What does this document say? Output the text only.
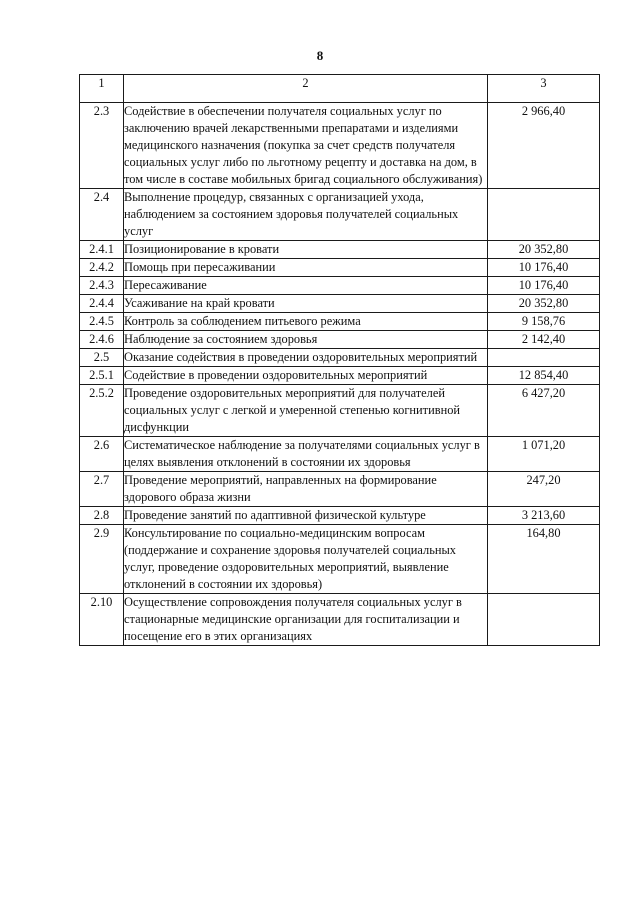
8
1	2	3
2.3	Содействие в обеспечении получателя социальных услуг по заключению врачей лекарственными препаратами и изделиями медицинского назначения (покупка за счет средств получателя социальных услуг либо по льготному рецепту и доставка на дом, в том числе в составе мобильных бригад социального обслуживания)	2 966,40
2.4	Выполнение процедур, связанных с организацией ухода, наблюдением за состоянием здоровья получателей социальных услуг	
2.4.1	Позиционирование в кровати	20 352,80
2.4.2	Помощь при пересаживании	10 176,40
2.4.3	Пересаживание	10 176,40
2.4.4	Усаживание на край кровати	20 352,80
2.4.5	Контроль за соблюдением питьевого режима	9 158,76
2.4.6	Наблюдение за состоянием здоровья	2 142,40
2.5	Оказание содействия в проведении оздоровительных мероприятий	
2.5.1	Содействие в проведении оздоровительных мероприятий	12 854,40
2.5.2	Проведение оздоровительных мероприятий для получателей социальных услуг с легкой и умеренной степенью когнитивной дисфункции	6 427,20
2.6	Систематическое наблюдение за получателями социальных услуг в целях выявления отклонений в состоянии их здоровья	1 071,20
2.7	Проведение мероприятий, направленных на формирование здорового образа жизни	247,20
2.8	Проведение занятий по адаптивной физической культуре	3 213,60
2.9	Консультирование по социально-медицинским вопросам (поддержание и сохранение здоровья получателей социальных услуг, проведение оздоровительных мероприятий, выявление отклонений в состоянии их здоровья)	164,80
2.10	Осуществление сопровождения получателя социальных услуг в стационарные медицинские организации для госпитализации и посещение его в этих организациях	
